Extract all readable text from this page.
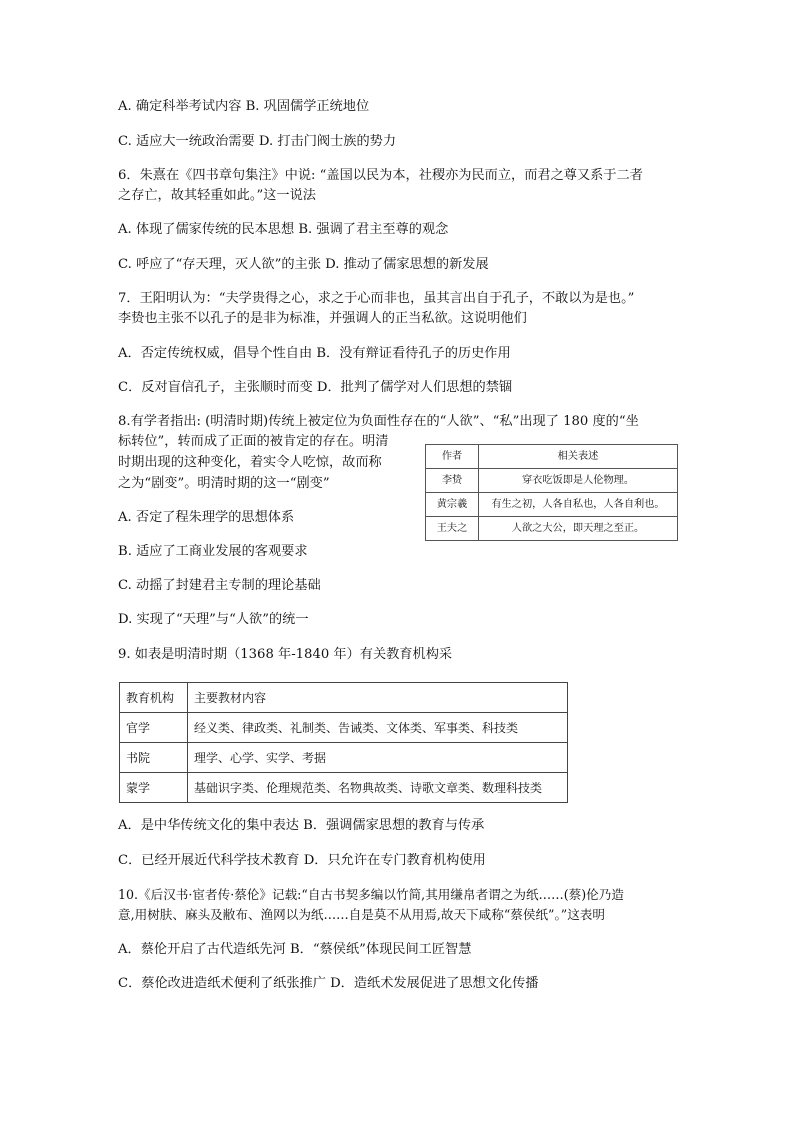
A. 确定科举考试内容 B. 巩固儒学正统地位
C. 适应大一统政治需要 D. 打击门阀士族的势力
6．朱熹在《四书章句集注》中说: “盖国以民为本，社稷亦为民而立，而君之尊又系于二者
之存亡，故其轻重如此。”这一说法
A. 体现了儒家传统的民本思想 B. 强调了君主至尊的观念
C. 呼应了“存天理，灭人欲”的主张 D. 推动了儒家思想的新发展
7．王阳明认为：“夫学贵得之心，求之于心而非也，虽其言出自于孔子，不敢以为是也。”
李贽也主张不以孔子的是非为标准，并强调人的正当私欲。这说明他们
A．否定传统权威，倡导个性自由 B．没有辩证看待孔子的历史作用
C．反对盲信孔子，主张顺时而变 D．批判了儒学对人们思想的禁锢
8.有学者指出: (明清时期)传统上被定位为负面性存在的“人欲”、“私”出现了 180 度的“坐
标转位”，转而成了正面的被肯定的存在。明清
时期出现的这种变化，着实令人吃惊，故而称
之为“剧变”。明清时期的这一“剧变”
作者	相关表述
李贽	穿衣吃饭即是人伦物理。
黄宗羲	有生之初，人各自私也，人各自利也。
王夫之	人欲之大公，即天理之至正。
A. 否定了程朱理学的思想体系
B. 适应了工商业发展的客观要求
C. 动摇了封建君主专制的理论基础
D. 实现了“天理”与“人欲”的统一
9. 如表是明清时期（1368 年-1840 年）有关教育机构采
教育机构	主要教材内容
官学	经义类、律政类、礼制类、告诫类、文体类、军事类、科技类
书院	理学、心学、实学、考据
蒙学	基础识字类、伦理规范类、名物典故类、诗歌文章类、数理科技类
A．是中华传统文化的集中表达 B．强调儒家思想的教育与传承
C．已经开展近代科学技术教育 D．只允许在专门教育机构使用
10.《后汉书·宦者传·蔡伦》记载:“自古书契多编以竹简,其用缣帛者谓之为纸……(蔡)伦乃造
意,用树肤、麻头及敝布、渔网以为纸……自是莫不从用焉,故天下咸称“蔡侯纸”。”这表明
A．蔡伦开启了古代造纸先河 B．“蔡侯纸”体现民间工匠智慧
C．蔡伦改进造纸术便利了纸张推广 D．造纸术发展促进了思想文化传播
